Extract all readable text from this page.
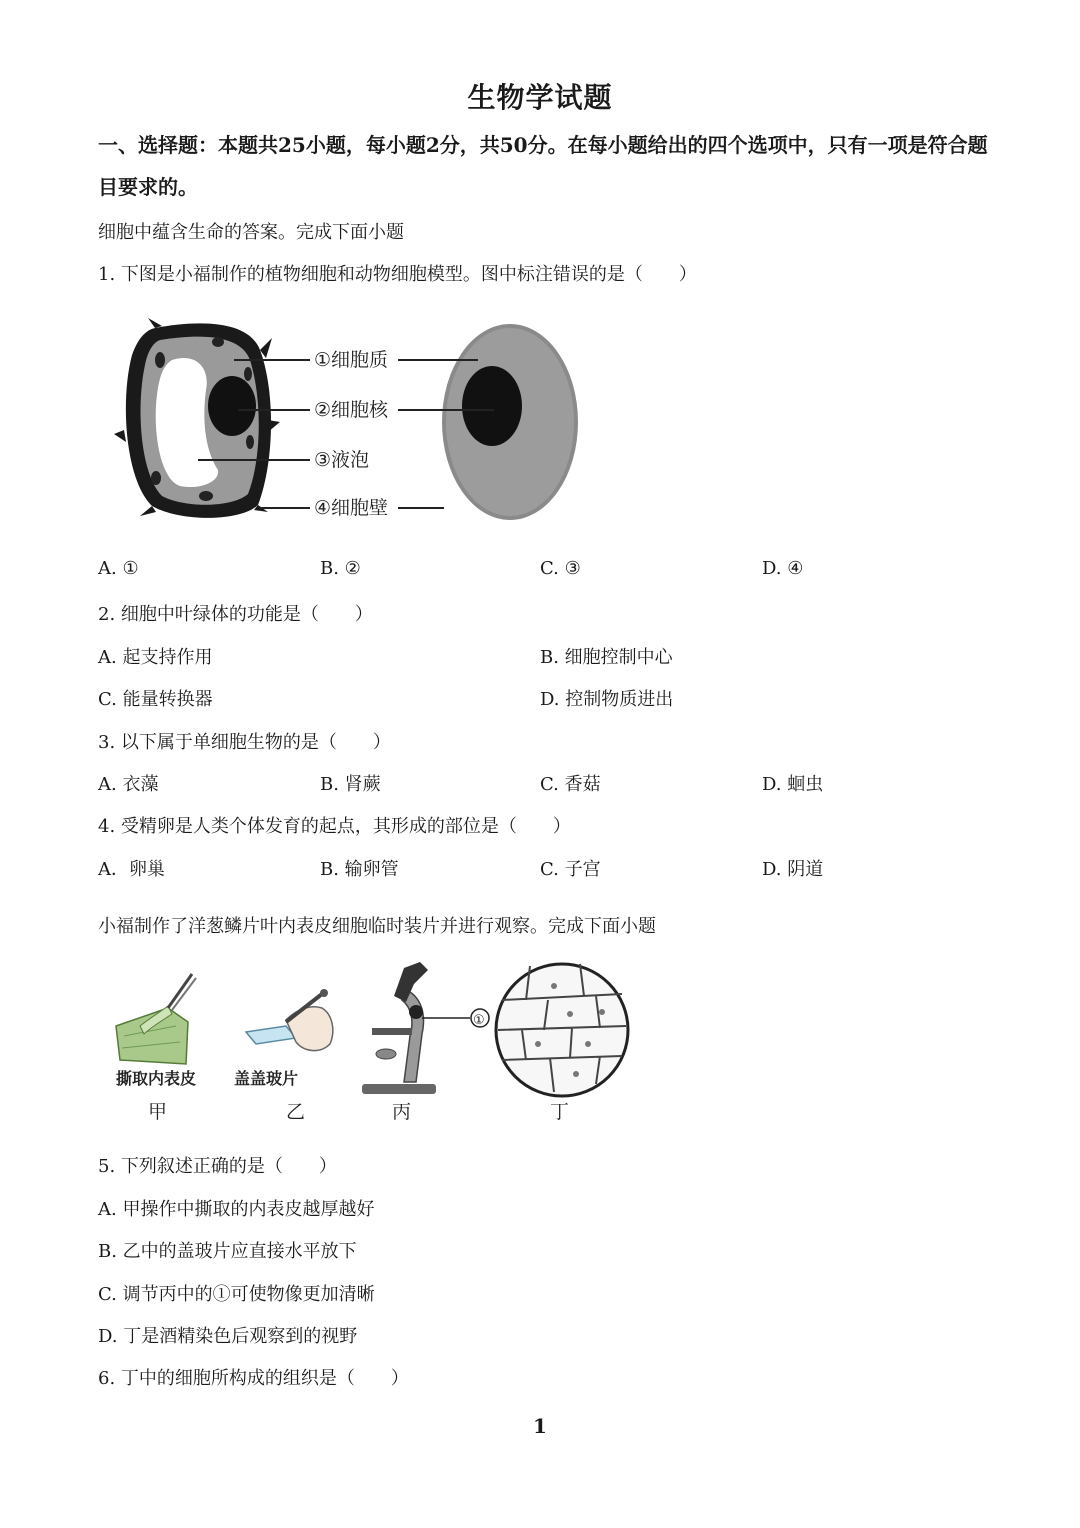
生物学试题
一、选择题：本题共25小题，每小题2分，共50分。在每小题给出的四个选项中，只有一项是符合题目要求的。
细胞中蕴含生命的答案。完成下面小题
1. 下图是小福制作的植物细胞和动物细胞模型。图中标注错误的是（　　）
①细胞质
②细胞核
③液泡
④细胞壁
A. ①	B. ②	C. ③	D. ④
2. 细胞中叶绿体的功能是（　　）
A. 起支持作用	B. 细胞控制中心
C. 能量转换器	D. 控制物质进出
3. 以下属于单细胞生物的是（　　）
A. 衣藻	B. 肾蕨	C. 香菇	D. 蛔虫
4. 受精卵是人类个体发育的起点，其形成的部位是（　　）
A．卵巢	B. 输卵管	C. 子宫	D. 阴道
小福制作了洋葱鳞片叶内表皮细胞临时装片并进行观察。完成下面小题
撕取内表皮
甲
盖盖玻片
乙
①
丙	丁
5. 下列叙述正确的是（　　）
A. 甲操作中撕取的内表皮越厚越好
B. 乙中的盖玻片应直接水平放下
C. 调节丙中的①可使物像更加清晰
D. 丁是酒精染色后观察到的视野
6. 丁中的细胞所构成的组织是（　　）
1
